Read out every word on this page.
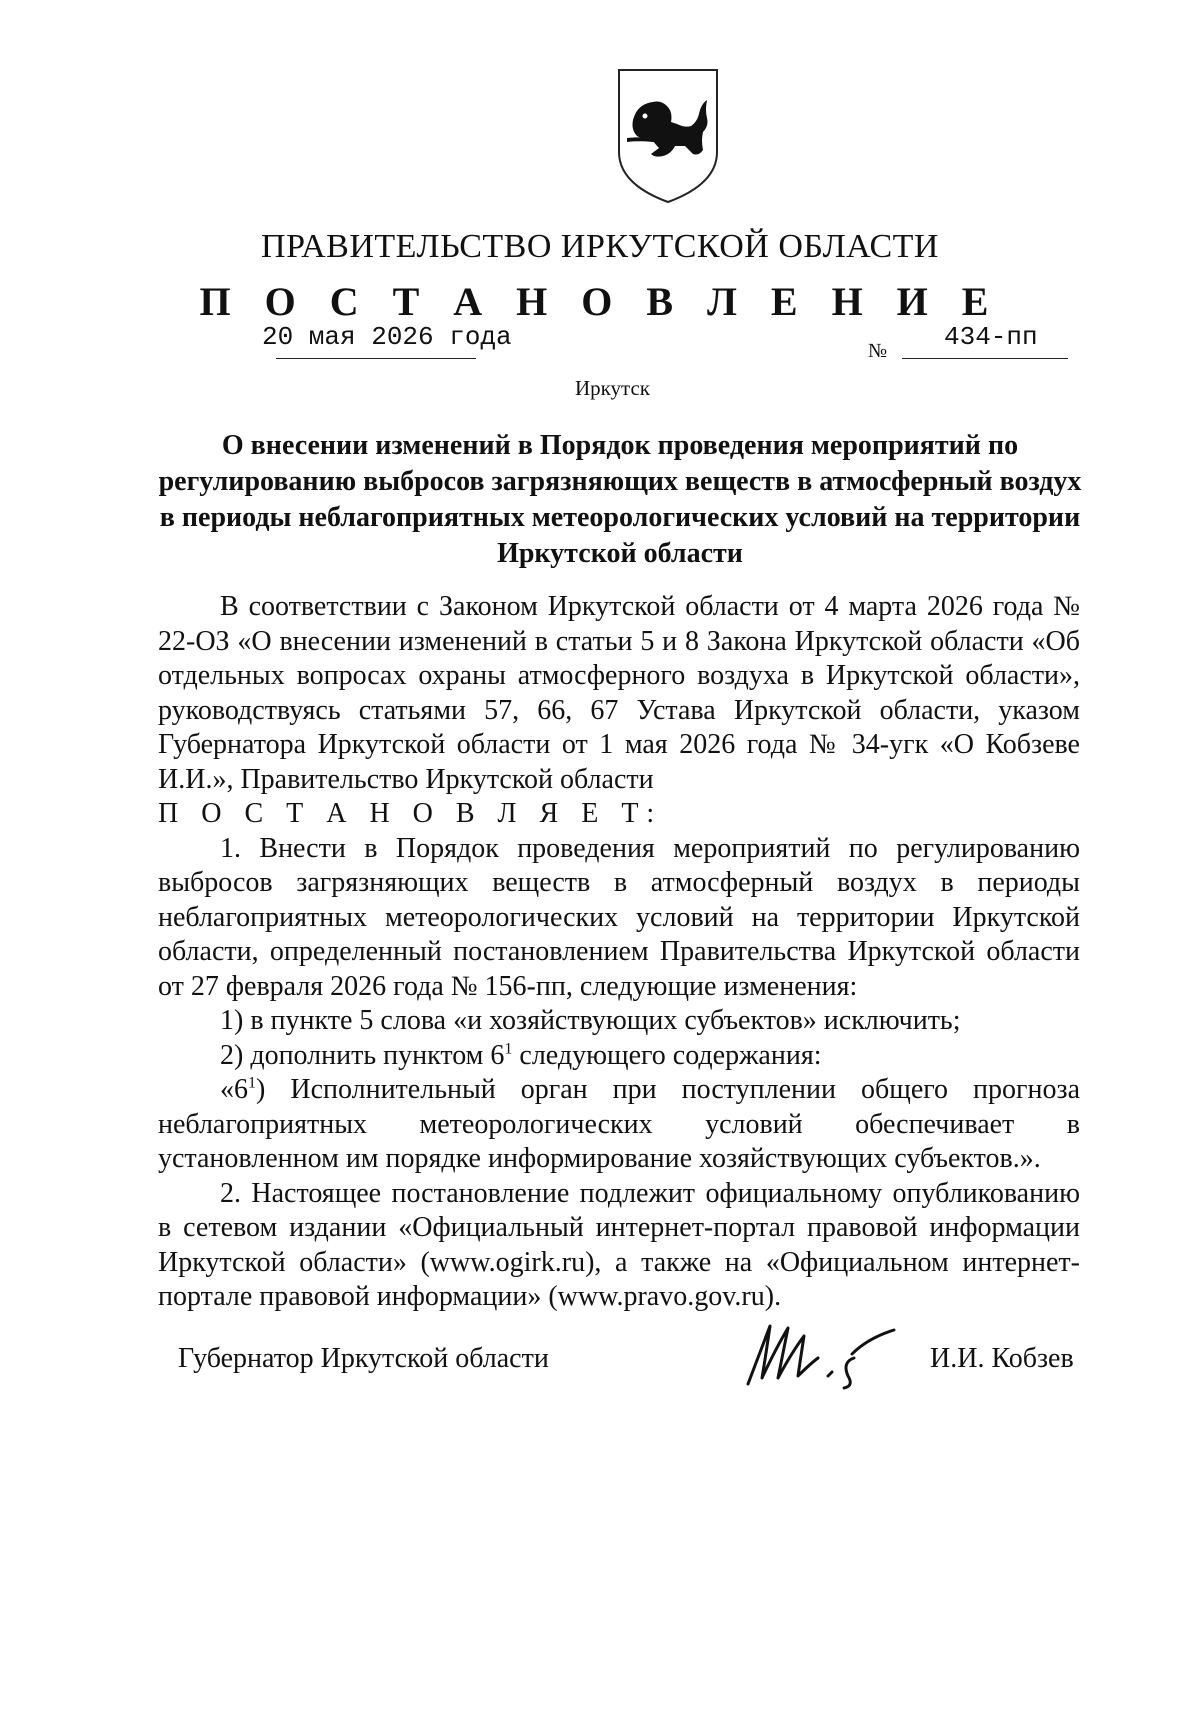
ПРАВИТЕЛЬСТВО ИРКУТСКОЙ ОБЛАСТИ
П О С Т А Н О В Л Е Н И Е
20 мая 2026 года	№ 434-пп
Иркутск
О внесении изменений в Порядок проведения мероприятий по регулированию выбросов загрязняющих веществ в атмосферный воздух в периоды неблагоприятных метеорологических условий на территории Иркутской области

В соответствии с Законом Иркутской области от 4 марта 2026 года № 22-ОЗ «О внесении изменений в статьи 5 и 8 Закона Иркутской области «Об отдельных вопросах охраны атмосферного воздуха в Иркутской области», руководствуясь статьями 57, 66, 67 Устава Иркутской области, указом Губернатора Иркутской области от 1 мая 2026 года № 34-угк «О Кобзеве И.И.», Правительство Иркутской области

П О С Т А Н О В Л Я Е Т:

1. Внести в Порядок проведения мероприятий по регулированию выбросов загрязняющих веществ в атмосферный воздух в периоды неблагоприятных метеорологических условий на территории Иркутской области, определенный постановлением Правительства Иркутской области от 27 февраля 2026 года № 156-пп, следующие изменения:

1) в пункте 5 слова «и хозяйствующих субъектов» исключить;

2) дополнить пунктом $6^1$ следующего содержания:

«$6^1$) Исполнительный орган при поступлении общего прогноза неблагоприятных метеорологических условий обеспечивает в установленном им порядке информирование хозяйствующих субъектов.».

2. Настоящее постановление подлежит официальному опубликованию в сетевом издании «Официальный интернет-портал правовой информации Иркутской области» (www.ogirk.ru), а также на «Официальном интернет-портале правовой информации» (www.pravo.gov.ru).

Губернатор Иркутской области	И.И. Кобзев
